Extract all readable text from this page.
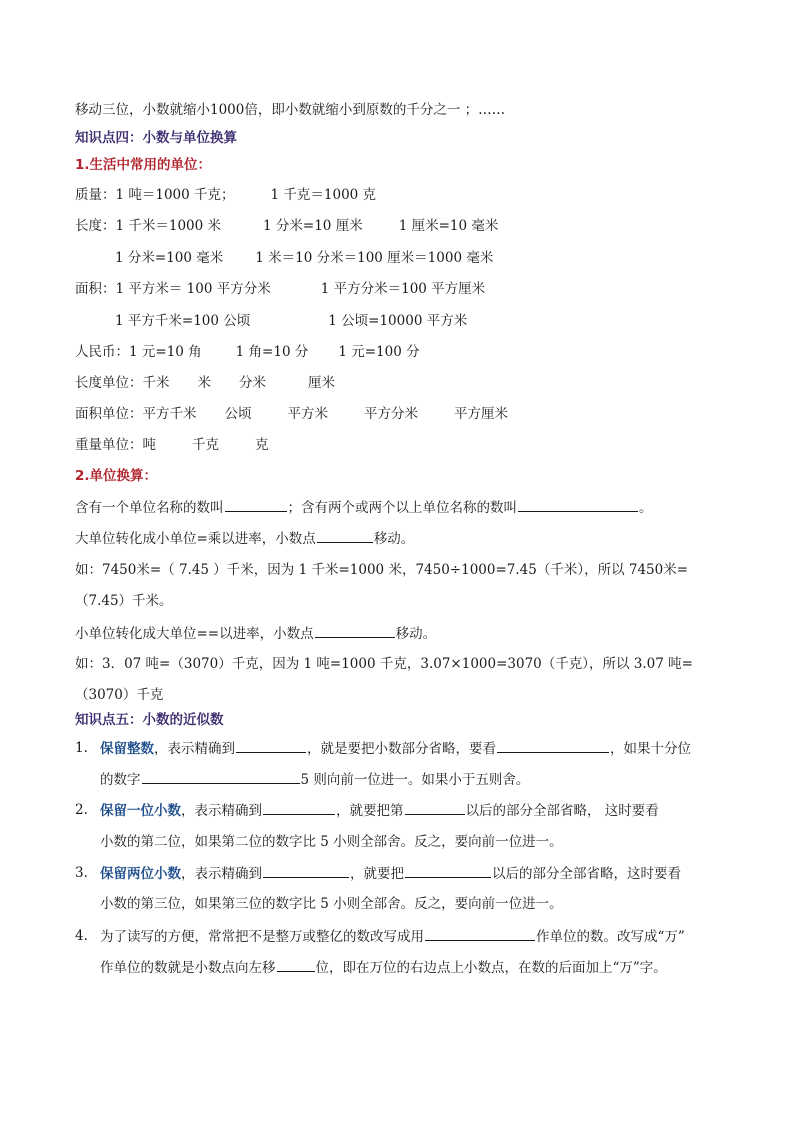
移动三位，小数就缩小1000倍，即小数就缩小到原数的千分之一 ；……
知识点四：小数与单位换算
1.生活中常用的单位：
质量：1 吨＝1000 千克；	1 千克＝1000 克
长度：1 千米＝1000 米	1 分米=10 厘米	1 厘米=10 毫米
1 分米=100 毫米 1 米＝10 分米＝100 厘米＝1000 毫米
面积：1 平方米＝ 100 平方分米	1 平方分米＝100 平方厘米
1 平方千米=100 公顷	1 公顷=10000 平方米
人民币：1 元=10 角	1 角=10 分 1 元=100 分
长度单位：千米 米 分米	厘米
面积单位：平方千米 公顷	平方米	平方分米	平方厘米
重量单位：吨	千克	克
2.单位换算：
含有一个单位名称的数叫	；含有两个或两个以上单位名称的数叫	。
大单位转化成小单位=乘以进率，小数点	移动。
如：7450米=（ 7.45 ）千米，因为 1 千米=1000 米，7450÷1000=7.45（千米），所以 7450米=
（7.45）千米。
小单位转化成大单位==以进率，小数点	移动。
如：3．07 吨=（3070）千克，因为 1 吨=1000 千克，3.07×1000=3070（千克），所以 3.07 吨=
（3070）千克
知识点五：小数的近似数
1. 保留整数，表示精确到	，就是要把小数部分省略，要看	，如果十分位
的数字	5 则向前一位进一。如果小于五则舍。
2. 保留一位小数，表示精确到	，就要把第	以后的部分全部省略， 这时要看
小数的第二位，如果第二位的数字比 5 小则全部舍。反之，要向前一位进一。
3. 保留两位小数，表示精确到	，就要把	以后的部分全部省略，这时要看
小数的第三位，如果第三位的数字比 5 小则全部舍。反之，要向前一位进一。
4. 为了读写的方便，常常把不是整万或整亿的数改写成用	作单位的数。改写成“万”
作单位的数就是小数点向左移	位，即在万位的右边点上小数点，在数的后面加上“万”字。
